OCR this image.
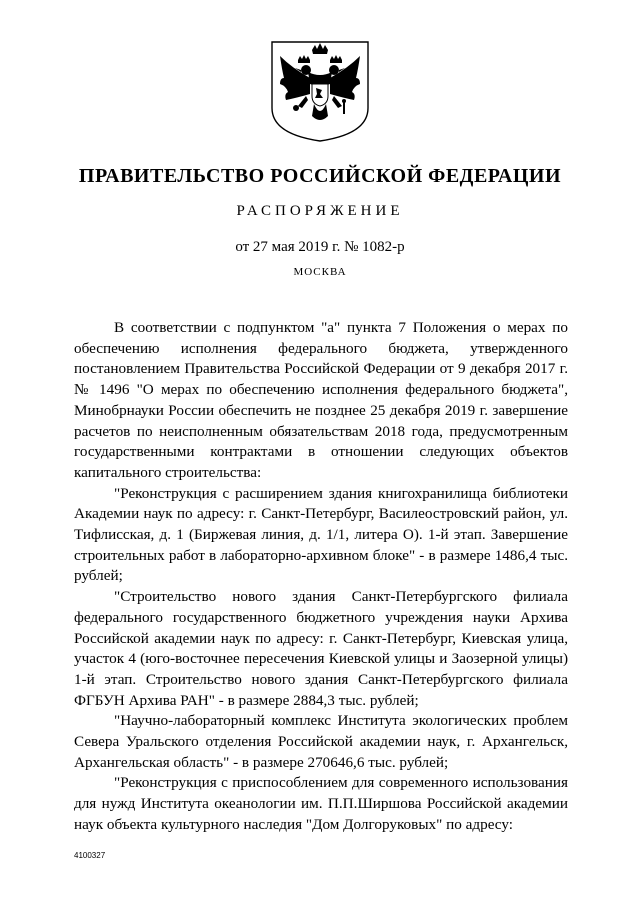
ПРАВИТЕЛЬСТВО РОССИЙСКОЙ ФЕДЕРАЦИИ
РАСПОРЯЖЕНИЕ
от 27 мая 2019 г. № 1082-р
МОСКВА

В соответствии с подпунктом "а" пункта 7 Положения о мерах по обеспечению исполнения федерального бюджета, утвержденного постановлением Правительства Российской Федерации от 9 декабря 2017 г. № 1496 "О мерах по обеспечению исполнения федерального бюджета", Минобрнауки России обеспечить не позднее 25 декабря 2019 г. завершение расчетов по неисполненным обязательствам 2018 года, предусмотренным государственными контрактами в отношении следующих объектов капитального строительства:

"Реконструкция с расширением здания книгохранилища библиотеки Академии наук по адресу: г. Санкт-Петербург, Василеостровский район, ул. Тифлисская, д. 1 (Биржевая линия, д. 1/1, литера О). 1-й этап. Завершение строительных работ в лабораторно-архивном блоке" - в размере 1486,4 тыс. рублей;

"Строительство нового здания Санкт-Петербургского филиала федерального государственного бюджетного учреждения науки Архива Российской академии наук по адресу: г. Санкт-Петербург, Киевская улица, участок 4 (юго-восточнее пересечения Киевской улицы и Заозерной улицы) 1-й этап. Строительство нового здания Санкт-Петербургского филиала ФГБУН Архива РАН" - в размере 2884,3 тыс. рублей;

"Научно-лабораторный комплекс Института экологических проблем Севера Уральского отделения Российской академии наук, г. Архангельск, Архангельская область" - в размере 270646,6 тыс. рублей;

"Реконструкция с приспособлением для современного использования для нужд Института океанологии им. П.П.Ширшова Российской академии наук объекта культурного наследия "Дом Долгоруковых" по адресу:

4100327
